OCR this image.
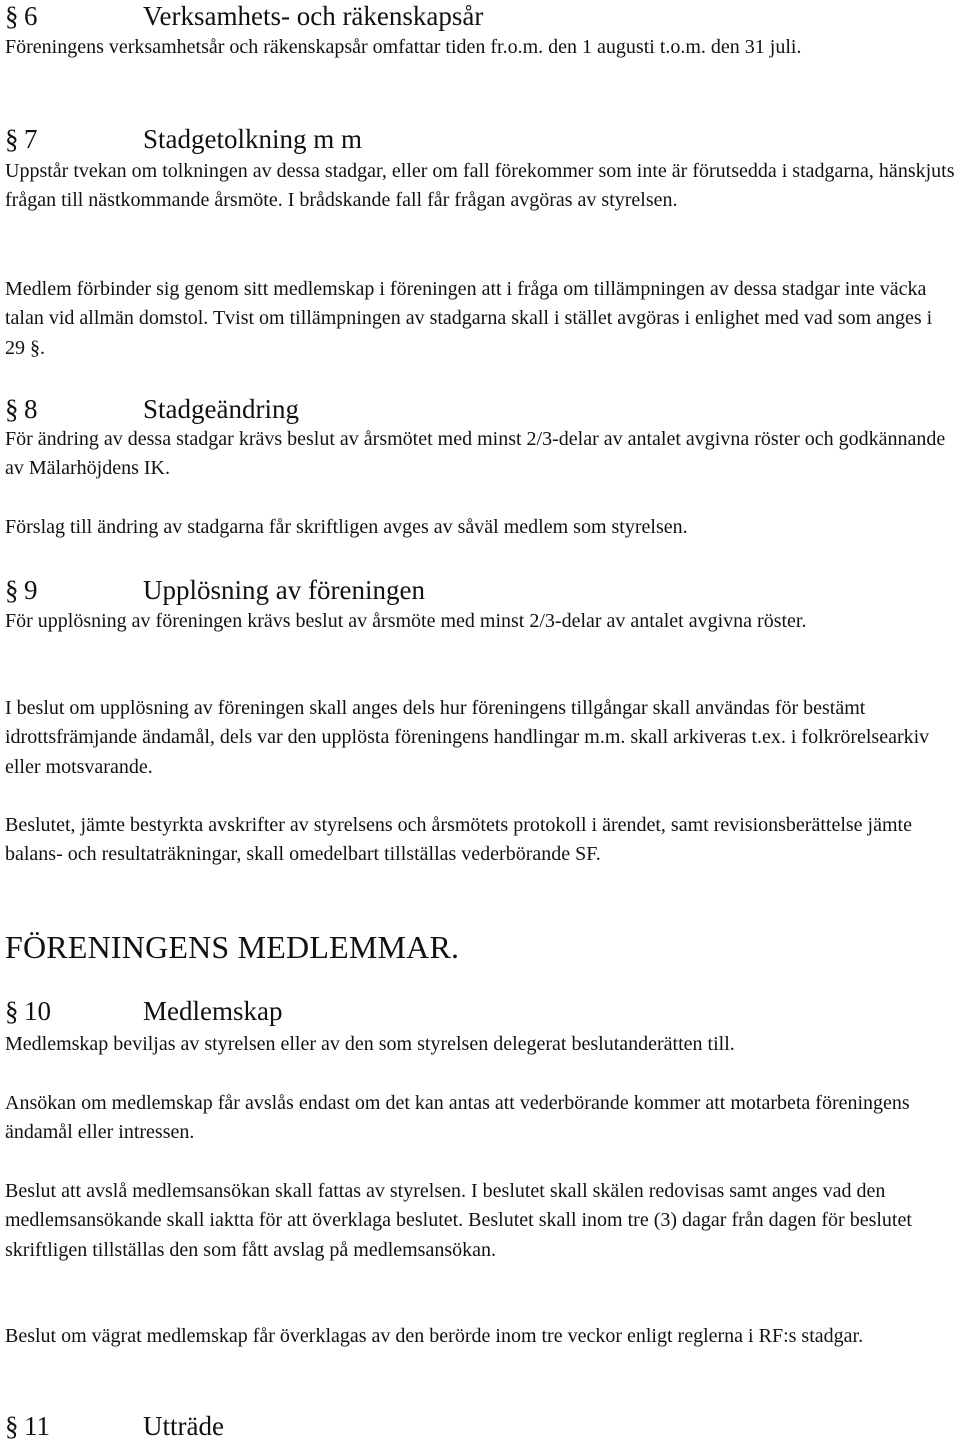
§ 6	Verksamhets- och räkenskapsår

Föreningens verksamhetsår och räkenskapsår omfattar tiden fr.o.m. den 1 augusti t.o.m. den 31 juli.

§ 7	Stadgetolkning m m

Uppstår tvekan om tolkningen av dessa stadgar, eller om fall förekommer som inte är förutsedda i stadgarna, hänskjuts frågan till nästkommande årsmöte. I brådskande fall får frågan avgöras av styrelsen.

Medlem förbinder sig genom sitt medlemskap i föreningen att i fråga om tillämpningen av dessa stadgar inte väcka talan vid allmän domstol. Tvist om tillämpningen av stadgarna skall i stället avgöras i enlighet med vad som anges i 29 §.

§ 8	Stadgeändring

För ändring av dessa stadgar krävs beslut av årsmötet med minst 2/3-delar av antalet avgivna röster och godkännande av Mälarhöjdens IK.

Förslag till ändring av stadgarna får skriftligen avges av såväl medlem som styrelsen.

§ 9	Upplösning av föreningen

För upplösning av föreningen krävs beslut av årsmöte med minst 2/3-delar av antalet avgivna röster.

I beslut om upplösning av föreningen skall anges dels hur föreningens tillgångar skall användas för bestämt idrottsfrämjande ändamål, dels var den upplösta föreningens handlingar m.m. skall arkiveras t.ex. i folkrörelsearkiv eller motsvarande.

Beslutet, jämte bestyrkta avskrifter av styrelsens och årsmötets protokoll i ärendet, samt revisionsberättelse jämte balans- och resultaträkningar, skall omedelbart tillställas vederbörande SF.

FÖRENINGENS MEDLEMMAR.
§ 10	Medlemskap

Medlemskap beviljas av styrelsen eller av den som styrelsen delegerat beslutanderätten till.

Ansökan om medlemskap får avslås endast om det kan antas att vederbörande kommer att motarbeta föreningens ändamål eller intressen.

Beslut att avslå medlemsansökan skall fattas av styrelsen. I beslutet skall skälen redovisas samt anges vad den medlemsansökande skall iaktta för att överklaga beslutet. Beslutet skall inom tre (3) dagar från dagen för beslutet skriftligen tillställas den som fått avslag på medlemsansökan.

Beslut om vägrat medlemskap får överklagas av den berörde inom tre veckor enligt reglerna i RF:s stadgar.

§ 11	Utträde
